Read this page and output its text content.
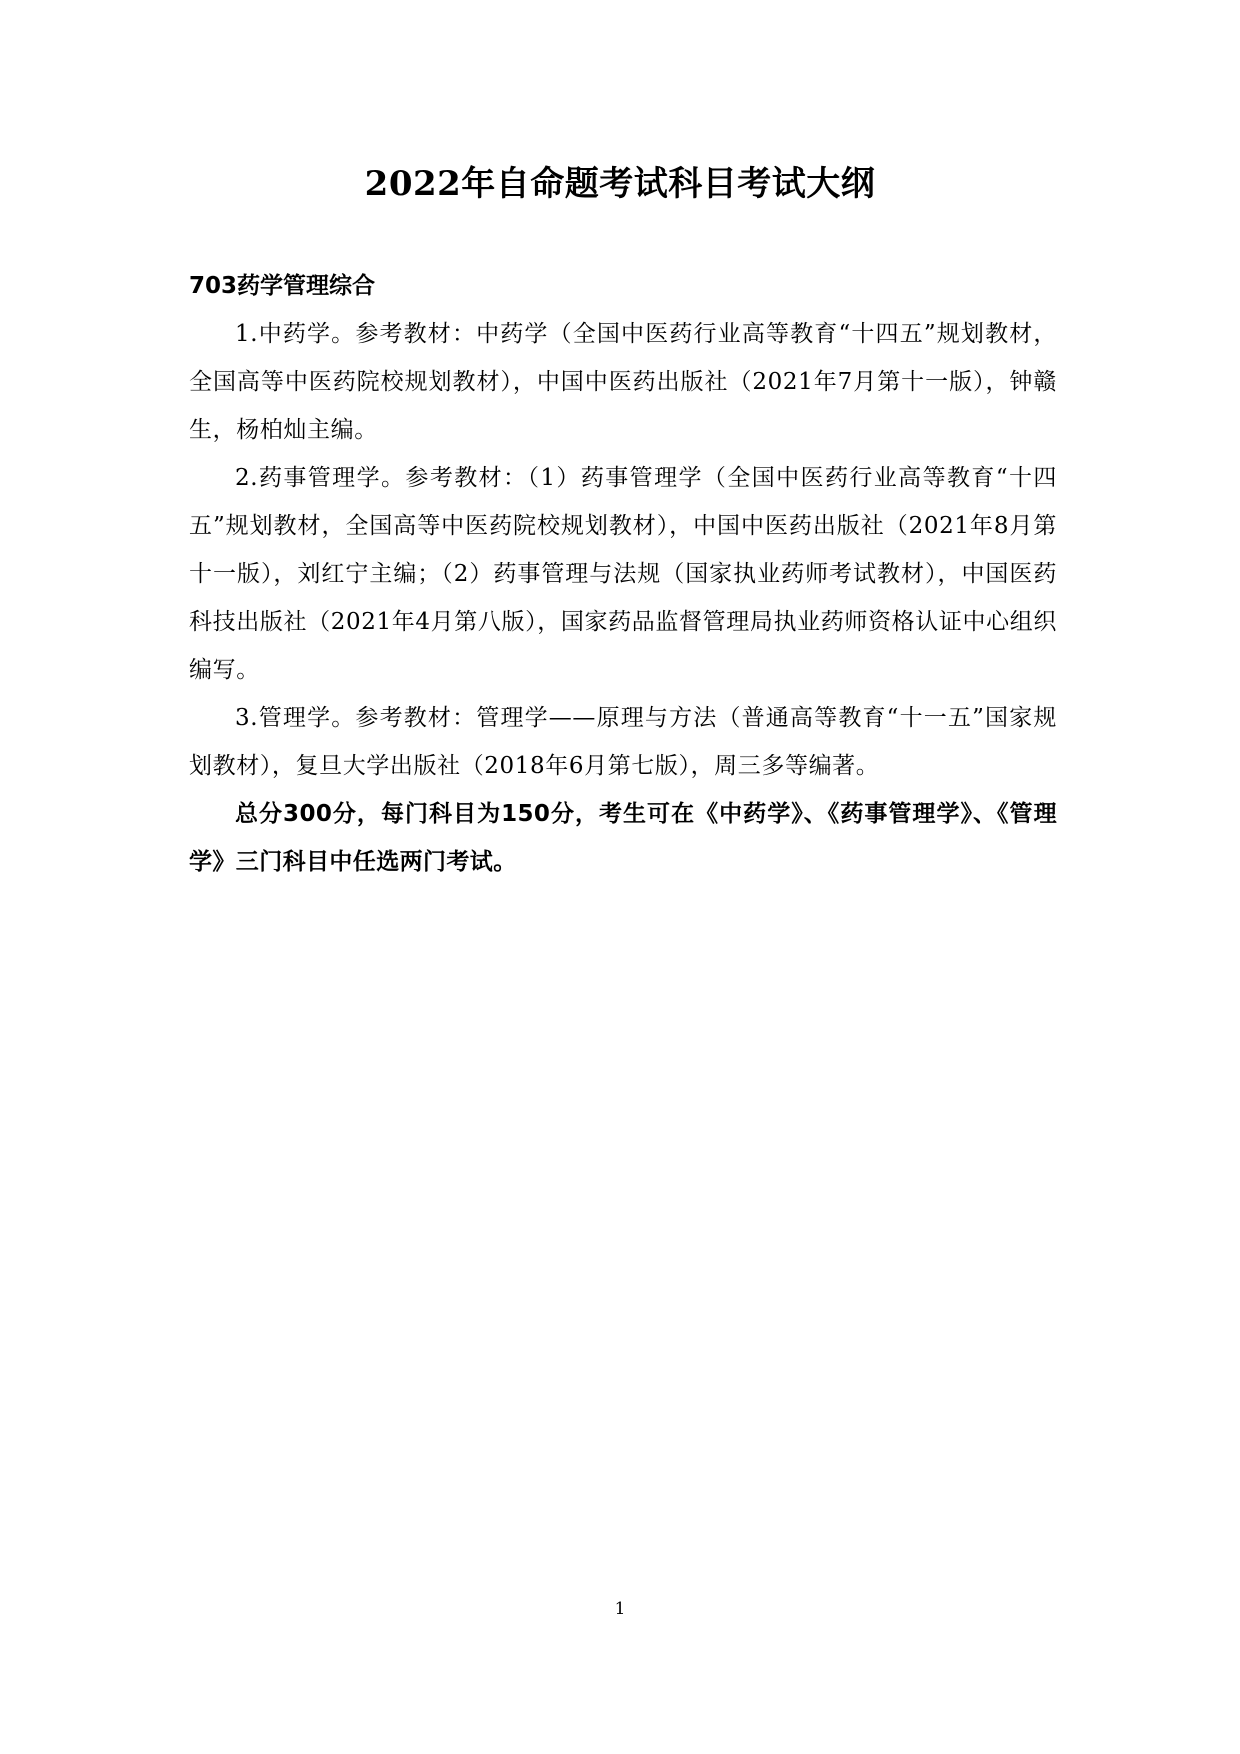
2022年自命题考试科目考试大纲

703药学管理综合

1.中药学。参考教材：中药学（全国中医药行业高等教育“十四五”规划教材，全国高等中医药院校规划教材），中国中医药出版社（2021年7月第十一版），钟赣生，杨柏灿主编。

2.药事管理学。参考教材：（1）药事管理学（全国中医药行业高等教育“十四五”规划教材，全国高等中医药院校规划教材），中国中医药出版社（2021年8月第十一版），刘红宁主编；（2）药事管理与法规（国家执业药师考试教材），中国医药科技出版社（2021年4月第八版），国家药品监督管理局执业药师资格认证中心组织编写。

3.管理学。参考教材：管理学——原理与方法（普通高等教育“十一五”国家规划教材），复旦大学出版社（2018年6月第七版），周三多等编著。

总分300分，每门科目为150分，考生可在《中药学》、《药事管理学》、《管理学》三门科目中任选两门考试。

1
